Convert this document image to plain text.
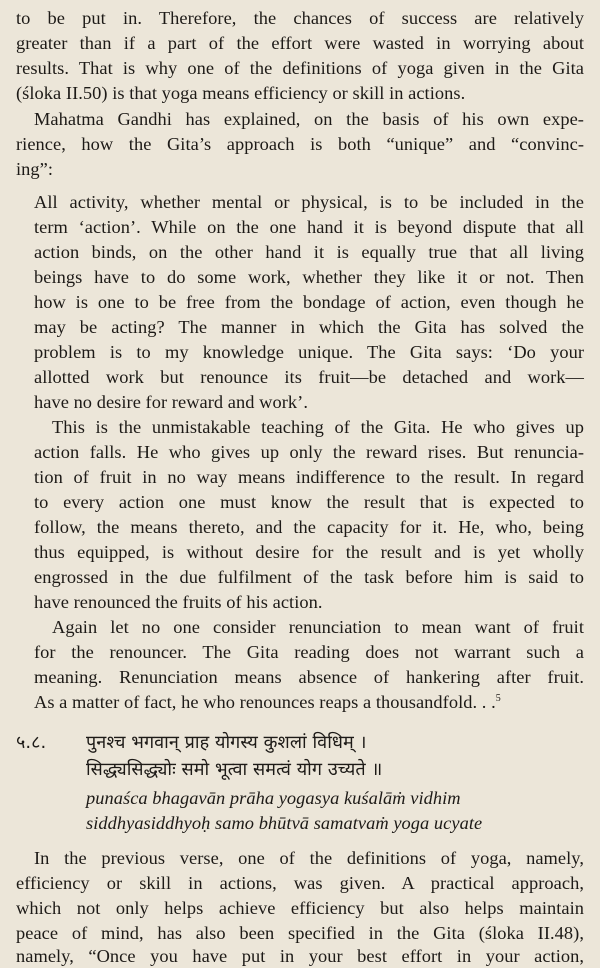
to be put in. Therefore, the chances of success are relatively
greater than if a part of the effort were wasted in worrying about
results. That is why one of the definitions of yoga given in the Gita
(śloka II.50) is that yoga means efficiency or skill in actions.
Mahatma Gandhi has explained, on the basis of his own expe-
rience, how the Gita’s approach is both “unique” and “convinc-
ing”:
All activity, whether mental or physical, is to be included in the
term ‘action’. While on the one hand it is beyond dispute that all
action binds, on the other hand it is equally true that all living
beings have to do some work, whether they like it or not. Then
how is one to be free from the bondage of action, even though he
may be acting? The manner in which the Gita has solved the
problem is to my knowledge unique. The Gita says: ‘Do your
allotted work but renounce its fruit—be detached and work—
have no desire for reward and work’.
This is the unmistakable teaching of the Gita. He who gives up
action falls. He who gives up only the reward rises. But renuncia-
tion of fruit in no way means indifference to the result. In regard
to every action one must know the result that is expected to
follow, the means thereto, and the capacity for it. He, who, being
thus equipped, is without desire for the result and is yet wholly
engrossed in the due fulfilment of the task before him is said to
have renounced the fruits of his action.
Again let no one consider renunciation to mean want of fruit
for the renouncer. The Gita reading does not warrant such a
meaning. Renunciation means absence of hankering after fruit.
As a matter of fact, he who renounces reaps a thousandfold. . .$^5$
५.८. पुनश्च भगवान् प्राह योगस्य कुशलां विधिम् ।
सिद्ध्यसिद्ध्योः समो भूत्वा समत्वं योग उच्यते ॥
punaśca bhagavān prāha yogasya kuśalāṁ vidhim
siddhyasiddhyoḥ samo bhūtvā samatvaṁ yoga ucyate
In the previous verse, one of the definitions of yoga, namely,
efficiency or skill in actions, was given. A practical approach,
which not only helps achieve efficiency but also helps maintain
peace of mind, has also been specified in the Gita (śloka II.48),
namely, “Once you have put in your best effort in your action,
